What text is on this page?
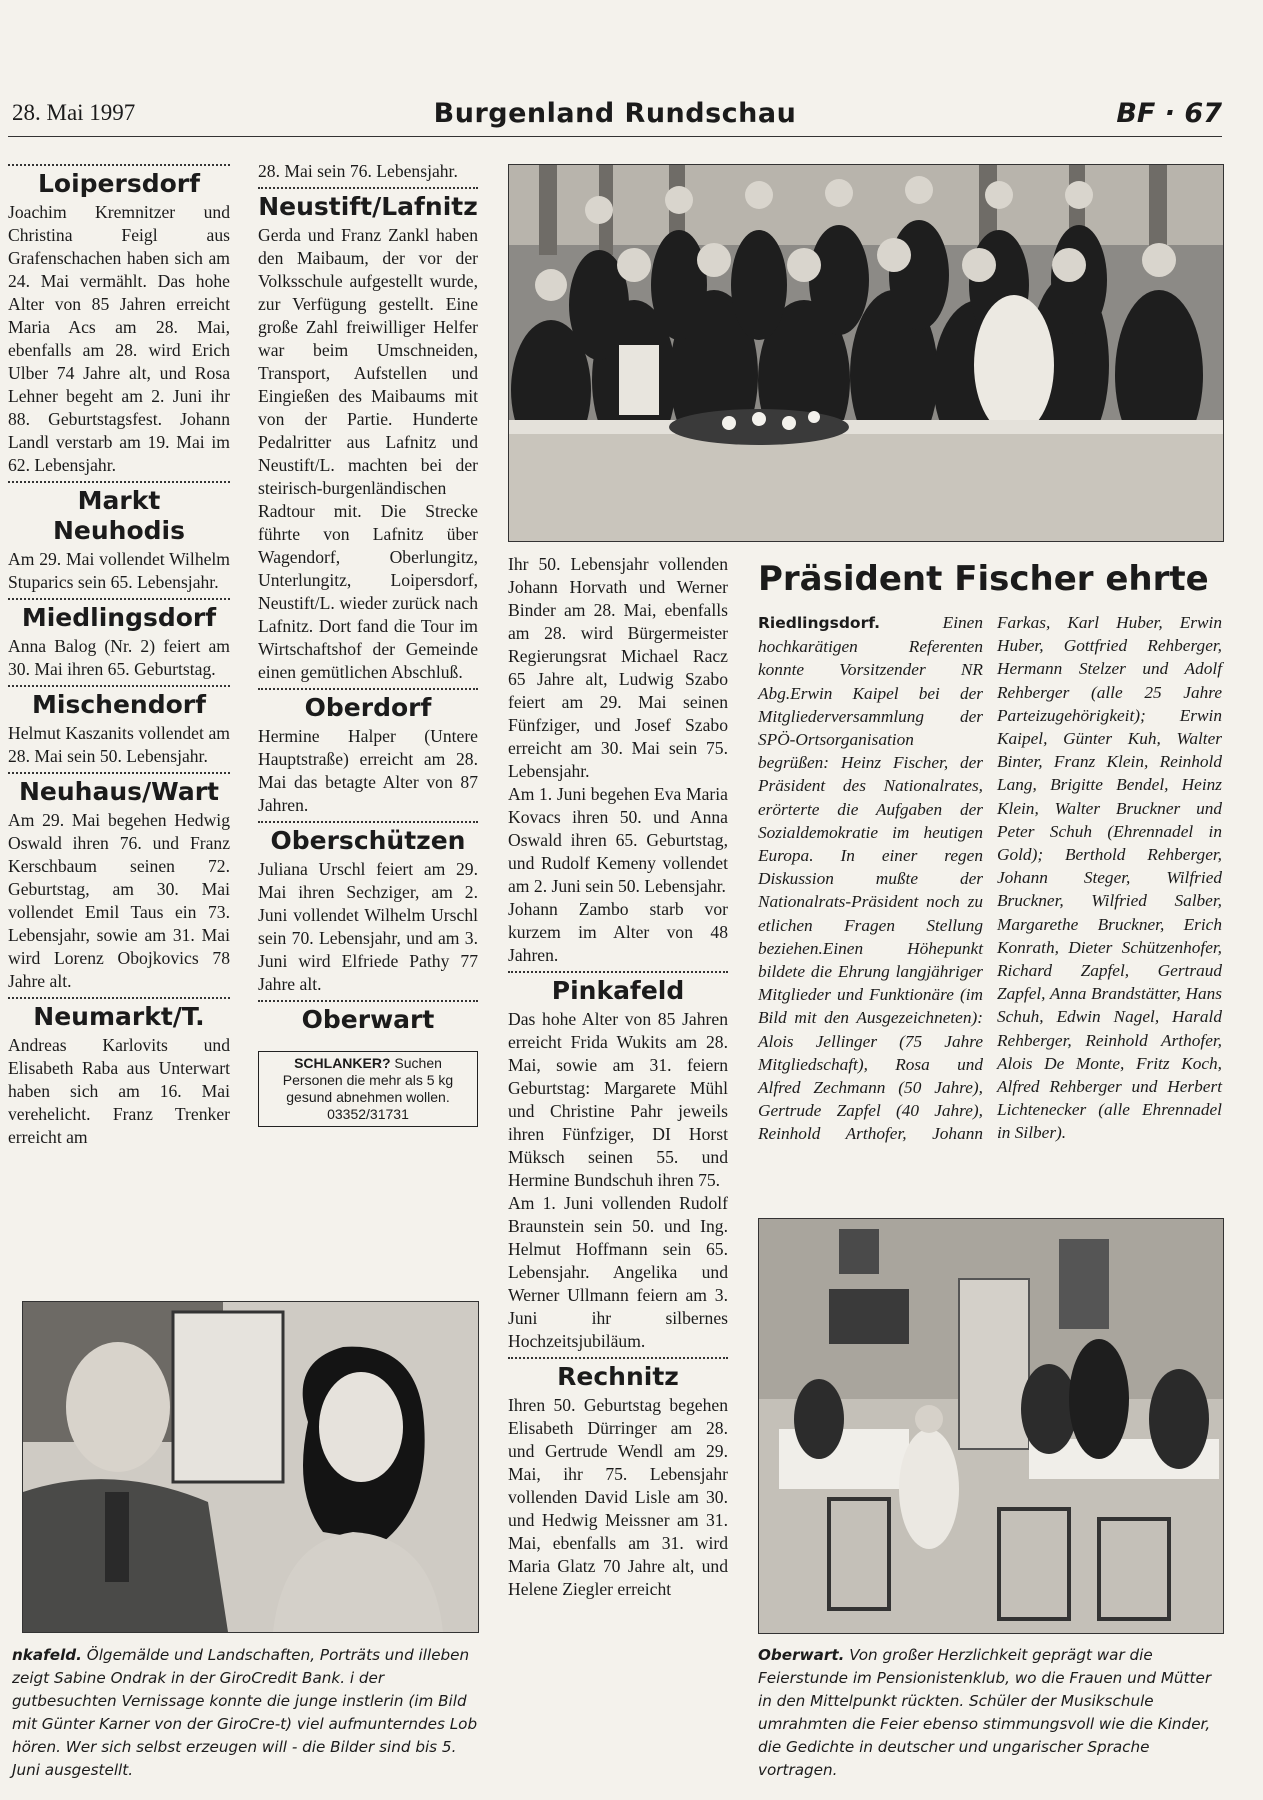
28. Mai 1997	Burgenland Rundschau	BF · 67
Loipersdorf

Joachim Kremnitzer und Christina Feigl aus Grafenschachen haben sich am 24. Mai vermählt. Das hohe Alter von 85 Jahren erreicht Maria Acs am 28. Mai, ebenfalls am 28. wird Erich Ulber 74 Jahre alt, und Rosa Lehner begeht am 2. Juni ihr 88. Geburtstagsfest. Johann Landl verstarb am 19. Mai im 62. Lebensjahr.

Markt Neuhodis

Am 29. Mai vollendet Wilhelm Stuparics sein 65. Lebensjahr.

Miedlingsdorf

Anna Balog (Nr. 2) feiert am 30. Mai ihren 65. Geburtstag.

Mischendorf

Helmut Kaszanits vollendet am 28. Mai sein 50. Lebensjahr.

Neuhaus/Wart

Am 29. Mai begehen Hedwig Oswald ihren 76. und Franz Kerschbaum seinen 72. Geburtstag, am 30. Mai vollendet Emil Taus ein 73. Lebensjahr, sowie am 31. Mai wird Lorenz Obojkovics 78 Jahre alt.

Neumarkt/T.

Andreas Karlovits und Elisabeth Raba aus Unterwart haben sich am 16. Mai verehelicht. Franz Trenker erreicht am

28. Mai sein 76. Lebensjahr.

Neustift/Lafnitz

Gerda und Franz Zankl haben den Maibaum, der vor der Volksschule aufgestellt wurde, zur Verfügung gestellt. Eine große Zahl freiwilliger Helfer war beim Umschneiden, Transport, Aufstellen und Eingießen des Maibaums mit von der Partie. Hunderte Pedalritter aus Lafnitz und Neustift/L. machten bei der steirisch-burgenländischen Radtour mit. Die Strecke führte von Lafnitz über Wagendorf, Oberlungitz, Unterlungitz, Loipersdorf, Neustift/L. wieder zurück nach Lafnitz. Dort fand die Tour im Wirtschaftshof der Gemeinde einen gemütlichen Abschluß.

Oberdorf

Hermine Halper (Untere Hauptstraße) erreicht am 28. Mai das betagte Alter von 87 Jahren.

Oberschützen

Juliana Urschl feiert am 29. Mai ihren Sechziger, am 2. Juni vollendet Wilhelm Urschl sein 70. Lebensjahr, und am 3. Juni wird Elfriede Pathy 77 Jahre alt.

Oberwart
SCHLANKER? Suchen Personen die mehr als 5 kg gesund abnehmen wollen. 03352/31731

Ihr 50. Lebensjahr vollenden Johann Horvath und Werner Binder am 28. Mai, ebenfalls am 28. wird Bürgermeister Regierungsrat Michael Racz 65 Jahre alt, Ludwig Szabo feiert am 29. Mai seinen Fünfziger, und Josef Szabo erreicht am 30. Mai sein 75. Lebensjahr.

Am 1. Juni begehen Eva Maria Kovacs ihren 50. und Anna Oswald ihren 65. Geburtstag, und Rudolf Kemeny vollendet am 2. Juni sein 50. Lebensjahr.

Johann Zambo starb vor kurzem im Alter von 48 Jahren.

Pinkafeld

Das hohe Alter von 85 Jahren erreicht Frida Wukits am 28. Mai, sowie am 31. feiern Geburtstag: Margarete Mühl und Christine Pahr jeweils ihren Fünfziger, DI Horst Müksch seinen 55. und Hermine Bundschuh ihren 75.

Am 1. Juni vollenden Rudolf Braunstein sein 50. und Ing. Helmut Hoffmann sein 65. Lebensjahr. Angelika und Werner Ullmann feiern am 3. Juni ihr silbernes Hochzeitsjubiläum.

Rechnitz

Ihren 50. Geburtstag begehen Elisabeth Dürringer am 28. und Gertrude Wendl am 29. Mai, ihr 75. Lebensjahr vollenden David Lisle am 30. und Hedwig Meissner am 31. Mai, ebenfalls am 31. wird Maria Glatz 70 Jahre alt, und Helene Ziegler erreicht

Präsident Fischer ehrte
Riedlingsdorf. Einen hochkarätigen Referenten konnte Vorsitzender NR Abg.Erwin Kaipel bei der Mitgliederversammlung der SPÖ-Ortsorganisation begrüßen: Heinz Fischer, der Präsident des Nationalrates, erörterte die Aufgaben der Sozialdemokratie im heutigen Europa. In einer regen Diskussion mußte der Nationalrats-Präsident noch zu etlichen Fragen Stellung beziehen.Einen Höhepunkt bildete die Ehrung langjähriger Mitglieder und Funktionäre (im Bild mit den Ausgezeichneten): Alois Jellinger (75 Jahre Mitgliedschaft), Rosa und Alfred Zechmann (50 Jahre), Gertrude Zapfel (40 Jahre), Reinhold Arthofer, Johann Farkas, Karl Huber, Erwin Huber, Gottfried Rehberger, Hermann Stelzer und Adolf Rehberger (alle 25 Jahre Parteizugehörigkeit); Erwin Kaipel, Günter Kuh, Walter Binter, Franz Klein, Reinhold Lang, Brigitte Bendel, Heinz Klein, Walter Bruckner und Peter Schuh (Ehrennadel in Gold); Berthold Rehberger, Johann Steger, Wilfried Bruckner, Wilfried Salber, Margarethe Bruckner, Erich Konrath, Dieter Schützenhofer, Richard Zapfel, Gertraud Zapfel, Anna Brandstätter, Hans Schuh, Edwin Nagel, Harald Rehberger, Reinhold Arthofer, Alois De Monte, Fritz Koch, Alfred Rehberger und Herbert Lichtenecker (alle Ehrennadel in Silber).
nkafeld. Ölgemälde und Landschaften, Porträts und illeben zeigt Sabine Ondrak in der GiroCredit Bank. i der gutbesuchten Vernissage konnte die junge instlerin (im Bild mit Günter Karner von der GiroCre-t) viel aufmunterndes Lob hören. Wer sich selbst erzeugen will - die Bilder sind bis 5. Juni ausgestellt.
Oberwart. Von großer Herzlichkeit geprägt war die Feierstunde im Pensionistenklub, wo die Frauen und Mütter in den Mittelpunkt rückten. Schüler der Musikschule umrahmten die Feier ebenso stimmungsvoll wie die Kinder, die Gedichte in deutscher und ungarischer Sprache vortragen.
